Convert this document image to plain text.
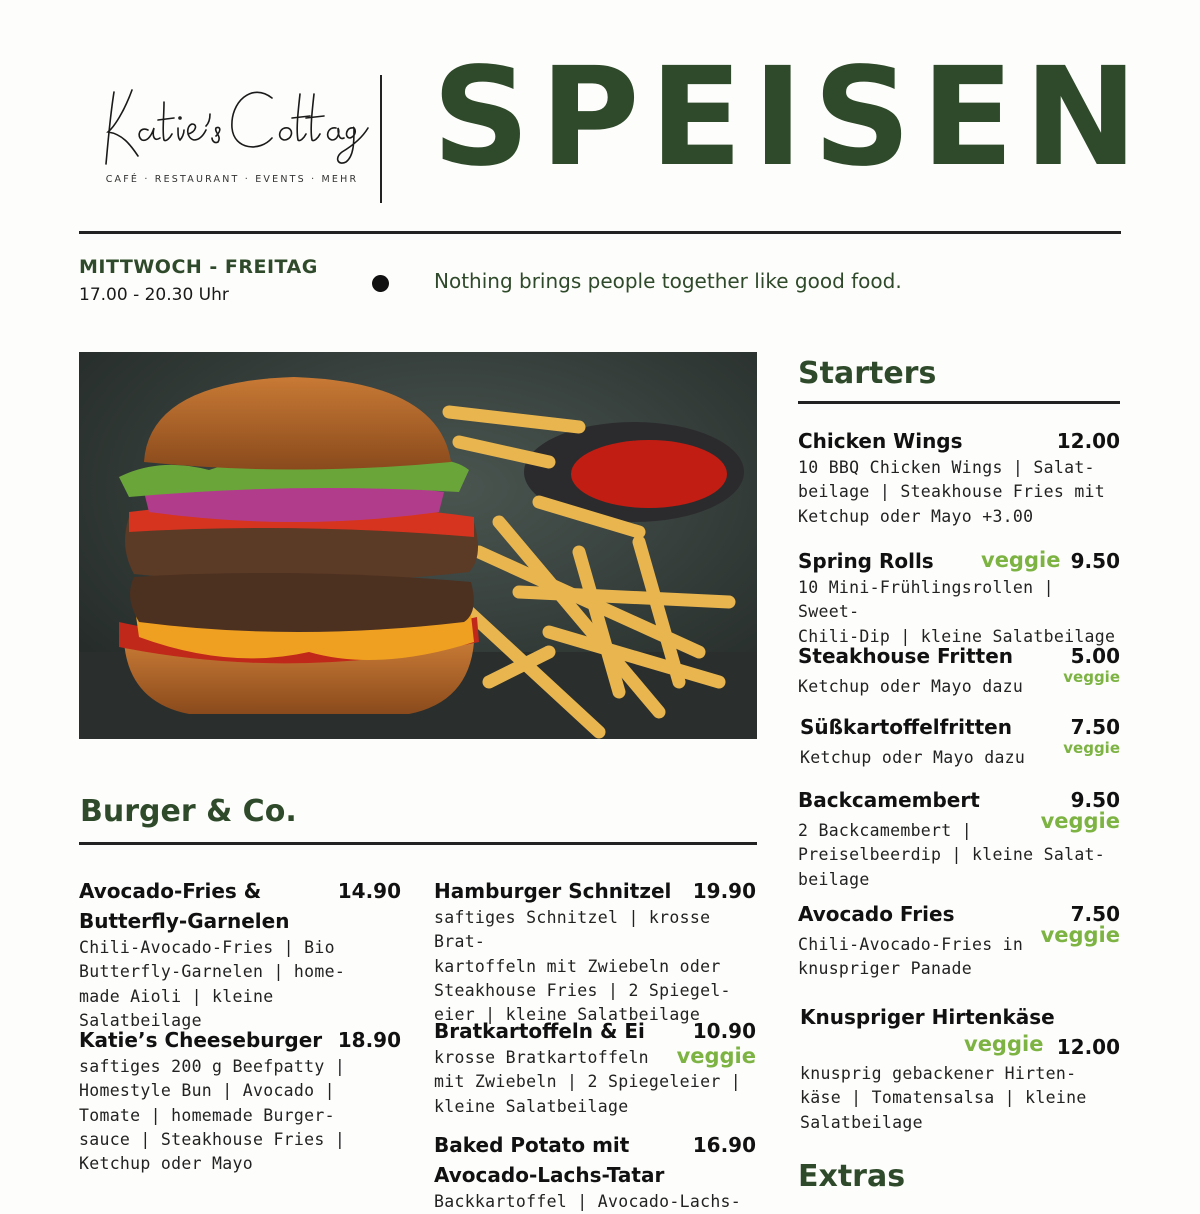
CAFÉ · RESTAURANT · EVENTS · MEHR SPEISEN
MITTWOCH - FREITAG
17.00 - 20.30 Uhr
Nothing brings people together like good food.
Starters
Chicken Wings	12.00
10 BBQ Chicken Wings | Salat-
beilage | Steakhouse Fries mit
Ketchup oder Mayo +3.00
Spring Rolls	veggie 9.50
10 Mini-Frühlingsrollen | Sweet-
Chili-Dip | kleine Salatbeilage
Steakhouse Fritten	5.00
veggie
Ketchup oder Mayo dazu
Süßkartoffelfritten	7.50
veggie
Ketchup oder Mayo dazu
Backcamembert	9.50
veggie
2 Backcamembert |
Preiselbeerdip | kleine Salat-
beilage
Avocado Fries	7.50
veggie
Chili-Avocado-Fries in
knuspriger Panade
Knuspriger Hirtenkäse
veggie 12.00
knusprig gebackener Hirten-
käse | Tomatensalsa | kleine
Salatbeilage
Extras
Burger & Co.
Avocado-Fries &
Butterfly-Garnelen
14.90
Chili-Avocado-Fries | Bio
Butterfly-Garnelen | home-
made Aioli | kleine Salatbeilage
Katie’s Cheeseburger 18.90
saftiges 200 g Beefpatty |
Homestyle Bun | Avocado |
Tomate | homemade Burger-
sauce | Steakhouse Fries |
Ketchup oder Mayo
Hamburger Schnitzel	19.90
saftiges Schnitzel | krosse Brat-
kartoffeln mit Zwiebeln oder
Steakhouse Fries | 2 Spiegel-
eier | kleine Salatbeilage
Bratkartoffeln & Ei	10.90
veggie
krosse Bratkartoffeln
mit Zwiebeln | 2 Spiegeleier |
kleine Salatbeilage
Baked Potato mit
Avocado-Lachs-Tatar
16.90
Backkartoffel | Avocado-Lachs-
